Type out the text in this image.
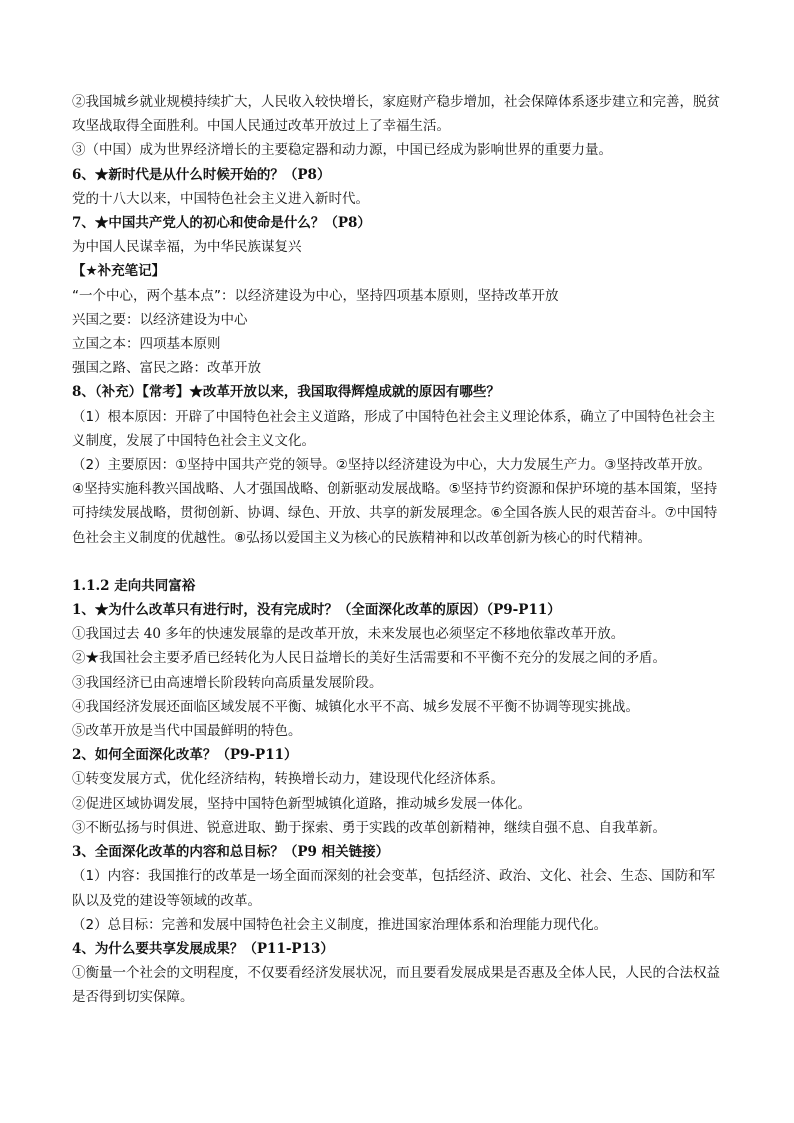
②我国城乡就业规模持续扩大，人民收入较快增长，家庭财产稳步增加，社会保障体系逐步建立和完善，脱贫攻坚战取得全面胜利。中国人民通过改革开放过上了幸福生活。

③（中国）成为世界经济增长的主要稳定器和动力源，中国已经成为影响世界的重要力量。

6、★新时代是从什么时候开始的？（P8）

党的十八大以来，中国特色社会主义进入新时代。

7、★中国共产党人的初心和使命是什么？（P8）

为中国人民谋幸福，为中华民族谋复兴

【★补充笔记】

“一个中心，两个基本点”：以经济建设为中心，坚持四项基本原则，坚持改革开放

兴国之要：以经济建设为中心

立国之本：四项基本原则

强国之路、富民之路：改革开放

8、（补充）【常考】★改革开放以来，我国取得辉煌成就的原因有哪些？

（1）根本原因：开辟了中国特色社会主义道路，形成了中国特色社会主义理论体系，确立了中国特色社会主义制度，发展了中国特色社会主义文化。

（2）主要原因：①坚持中国共产党的领导。②坚持以经济建设为中心，大力发展生产力。③坚持改革开放。④坚持实施科教兴国战略、人才强国战略、创新驱动发展战略。⑤坚持节约资源和保护环境的基本国策，坚持可持续发展战略，贯彻创新、协调、绿色、开放、共享的新发展理念。⑥全国各族人民的艰苦奋斗。⑦中国特色社会主义制度的优越性。⑧弘扬以爱国主义为核心的民族精神和以改革创新为核心的时代精神。

1.1.2 走向共同富裕

1、★为什么改革只有进行时，没有完成时？（全面深化改革的原因）（P9-P11）

①我国过去 40 多年的快速发展靠的是改革开放，未来发展也必须坚定不移地依靠改革开放。

②★我国社会主要矛盾已经转化为人民日益增长的美好生活需要和不平衡不充分的发展之间的矛盾。

③我国经济已由高速增长阶段转向高质量发展阶段。

④我国经济发展还面临区域发展不平衡、城镇化水平不高、城乡发展不平衡不协调等现实挑战。

⑤改革开放是当代中国最鲜明的特色。

2、如何全面深化改革？（P9-P11）

①转变发展方式，优化经济结构，转换增长动力，建设现代化经济体系。

②促进区域协调发展，坚持中国特色新型城镇化道路，推动城乡发展一体化。

③不断弘扬与时俱进、锐意进取、勤于探索、勇于实践的改革创新精神，继续自强不息、自我革新。

3、全面深化改革的内容和总目标？（P9 相关链接）

（1）内容：我国推行的改革是一场全面而深刻的社会变革，包括经济、政治、文化、社会、生态、国防和军队以及党的建设等领域的改革。

（2）总目标：完善和发展中国特色社会主义制度，推进国家治理体系和治理能力现代化。

4、为什么要共享发展成果？（P11-P13）

①衡量一个社会的文明程度，不仅要看经济发展状况，而且要看发展成果是否惠及全体人民，人民的合法权益是否得到切实保障。
